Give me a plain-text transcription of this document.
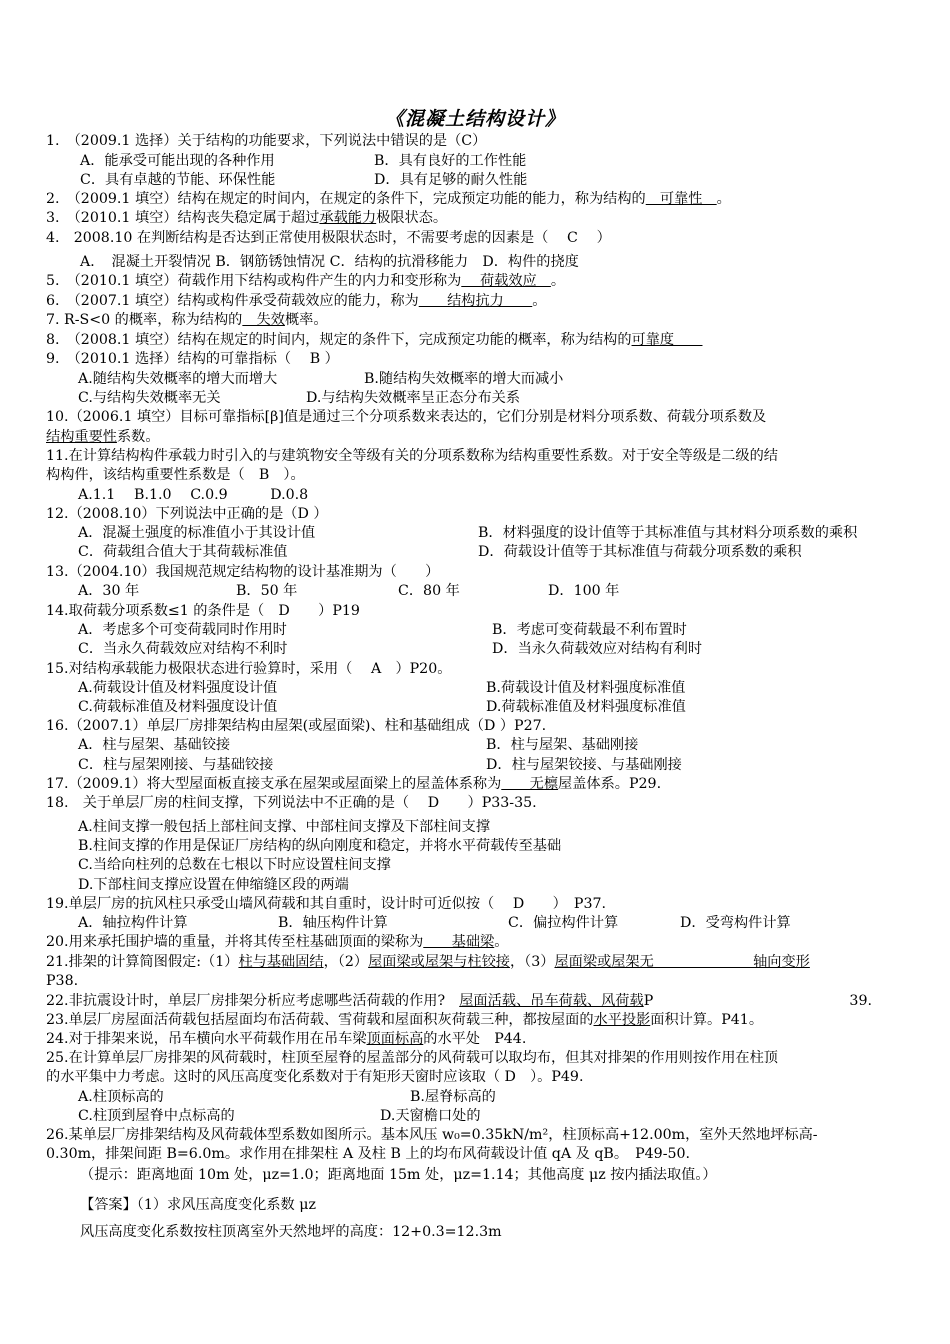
《混凝土结构设计》
1.　（2009.1 选择）关于结构的功能要求，下列说法中错误的是（C）
A．能承受可能出现的各种作用	B．具有良好的工作性能
C．具有卓越的节能、环保性能	D．具有足够的耐久性能
2.　（2009.1 填空）结构在规定的时间内，在规定的条件下，完成预定功能的能力，称为结构的　可靠性　。
3.　（2010.1 填空）结构丧失稳定属于超过承载能力极限状态。
4.　2008.10 在判断结构是否达到正常使用极限状态时，不需要考虑的因素是（　 C　 ）
A．　混凝土开裂情况 B．钢筋锈蚀情况 C．结构的抗滑移能力　D．构件的挠度
5.　（2010.1 填空）荷载作用下结构或构件产生的内力和变形称为　 荷载效应　。
6.　（2007.1 填空）结构或构件承受荷载效应的能力，称为　　结构抗力　　。
7. R-S<0 的概率，称为结构的　失效概率。
8.　（2008.1 填空）结构在规定的时间内，规定的条件下，完成预定功能的概率，称为结构的可靠度　　
9.　（2010.1 选择）结构的可靠指标（　 B ）
A.随结构失效概率的增大而增大	B.随结构失效概率的增大而减小
C.与结构失效概率无关	D.与结构失效概率呈正态分布关系
10.（2006.1 填空）目标可靠指标[β]值是通过三个分项系数来表达的，它们分别是材料分项系数、荷载分项系数及
结构重要性系数。
11.在计算结构构件承载力时引入的与建筑物安全等级有关的分项系数称为结构重要性系数。对于安全等级是二级的结
构构件，该结构重要性系数是（　B　）。
A.1.1　 B.1.0　 C.0.9　　　D.0.8
12.（2008.10）下列说法中正确的是（D ）
A．混凝土强度的标准值小于其设计值	B．材料强度的设计值等于其标准值与其材料分项系数的乘积
C．荷载组合值大于其荷载标准值	D．荷载设计值等于其标准值与荷载分项系数的乘积
13.（2004.10）我国规范规定结构物的设计基准期为（　　）
A．30 年	B．50 年	C．80 年	D．100 年
14.取荷载分项系数≤1 的条件是（　D　　）P19
A．考虑多个可变荷载同时作用时	B．考虑可变荷载最不利布置时
C．当永久荷载效应对结构不利时	D．当永久荷载效应对结构有利时
15.对结构承载能力极限状态进行验算时，采用（　 A　）P20。
A.荷载设计值及材料强度设计值	B.荷载设计值及材料强度标准值
C.荷载标准值及材料强度设计值	D.荷载标准值及材料强度标准值
16.（2007.1）单层厂房排架结构由屋架(或屋面梁)、柱和基础组成（D ）P27.
A．柱与屋架、基础铰接	B．柱与屋架、基础刚接
C．柱与屋架刚接、与基础铰接	D．柱与屋架铰接、与基础刚接
17.（2009.1）将大型屋面板直接支承在屋架或屋面梁上的屋盖体系称为　　无檩屋盖体系。P29.
18.　关于单层厂房的柱间支撑，下列说法中不正确的是（　 D　　）P33-35.
A.柱间支撑一般包括上部柱间支撑、中部柱间支撑及下部柱间支撑
B.柱间支撑的作用是保证厂房结构的纵向刚度和稳定，并将水平荷载传至基础
C.当给向柱列的总数在七根以下时应设置柱间支撑
D.下部柱间支撑应设置在伸缩缝区段的两端
19.单层厂房的抗风柱只承受山墙风荷载和其自重时，设计时可近似按（　 D　　）　P37.
A．轴拉构件计算	B．轴压构件计算	C．偏拉构件计算	D．受弯构件计算
20.用来承托围护墙的重量，并将其传至柱基础顶面的梁称为　　基础梁。
21.排架的计算简图假定:（1）柱与基础固结，（2）屋面梁或屋架与柱铰接，（3）屋面梁或屋架无　　　　　　　轴向变形
P38.
22.非抗震设计时，单层厂房排架分析应考虑哪些活荷载的作用?　屋面活载、吊车荷载、风荷载P	39.
23.单层厂房屋面活荷载包括屋面均布活荷载、雪荷载和屋面积灰荷载三种，都按屋面的水平投影面积计算。P41。
24.对于排架来说，吊车横向水平荷载作用在吊车梁顶面标高的水平处　P44.
25.在计算单层厂房排架的风荷载时，柱顶至屋脊的屋盖部分的风荷载可以取均布，但其对排架的作用则按作用在柱顶
的水平集中力考虑。这时的风压高度变化系数对于有矩形天窗时应该取（ D　）。P49.
A.柱顶标高的	B.屋脊标高的
C.柱顶到屋脊中点标高的	D.天窗檐口处的
26.某单层厂房排架结构及风荷载体型系数如图所示。基本风压 w₀=0.35kN/m²，柱顶标高+12.00m，室外天然地坪标高-
0.30m，排架间距 B=6.0m。求作用在排架柱 A 及柱 B 上的均布风荷载设计值 qA 及 qB。　P49-50.
（提示：距离地面 10m 处，μz=1.0；距离地面 15m 处，μz=1.14；其他高度 μz 按内插法取值。）
【答案】（1）求风压高度变化系数 μz
风压高度变化系数按柱顶离室外天然地坪的高度：12+0.3=12.3m
